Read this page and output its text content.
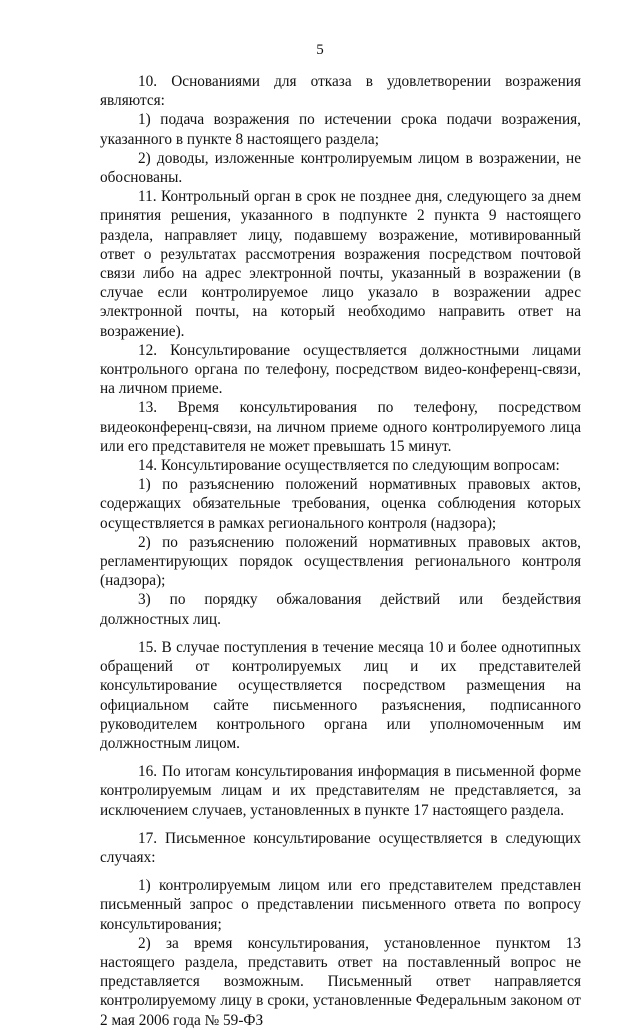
5

10. Основаниями для отказа в удовлетворении возражения являются:

1) подача возражения по истечении срока подачи возражения, указанного в пункте 8 настоящего раздела;

2) доводы, изложенные контролируемым лицом в возражении, не обоснованы.

11. Контрольный орган в срок не позднее дня, следующего за днем принятия решения, указанного в подпункте 2 пункта 9 настоящего раздела, направляет лицу, подавшему возражение, мотивированный ответ о результатах рассмотрения возражения посредством почтовой связи либо на адрес электронной почты, указанный в возражении (в случае если контролируемое лицо указало в возражении адрес электронной почты, на который необходимо направить ответ на возражение).

12. Консультирование осуществляется должностными лицами контрольного органа по телефону, посредством видео-конференц-связи, на личном приеме.

13. Время консультирования по телефону, посредством видеоконференц-связи, на личном приеме одного контролируемого лица или его представителя не может превышать 15 минут.

14. Консультирование осуществляется по следующим вопросам:

1) по разъяснению положений нормативных правовых актов, содержащих обязательные требования, оценка соблюдения которых осуществляется в рамках регионального контроля (надзора);

2) по разъяснению положений нормативных правовых актов, регламентирующих порядок осуществления регионального контроля (надзора);

3) по порядку обжалования действий или бездействия должностных лиц.

15. В случае поступления в течение месяца 10 и более однотипных обращений от контролируемых лиц и их представителей консультирование осуществляется посредством размещения на официальном сайте письменного разъяснения, подписанного руководителем контрольного органа или уполномоченным им должностным лицом.

16. По итогам консультирования информация в письменной форме контролируемым лицам и их представителям не представляется, за исключением случаев, установленных в пункте 17 настоящего раздела.

17. Письменное консультирование осуществляется в следующих случаях:

1) контролируемым лицом или его представителем представлен письменный запрос о представлении письменного ответа по вопросу консультирования;

2) за время консультирования, установленное пунктом 13 настоящего раздела, представить ответ на поставленный вопрос не представляется возможным. Письменный ответ направляется контролируемому лицу в сроки, установленные Федеральным законом от 2 мая 2006 года № 59-ФЗ
